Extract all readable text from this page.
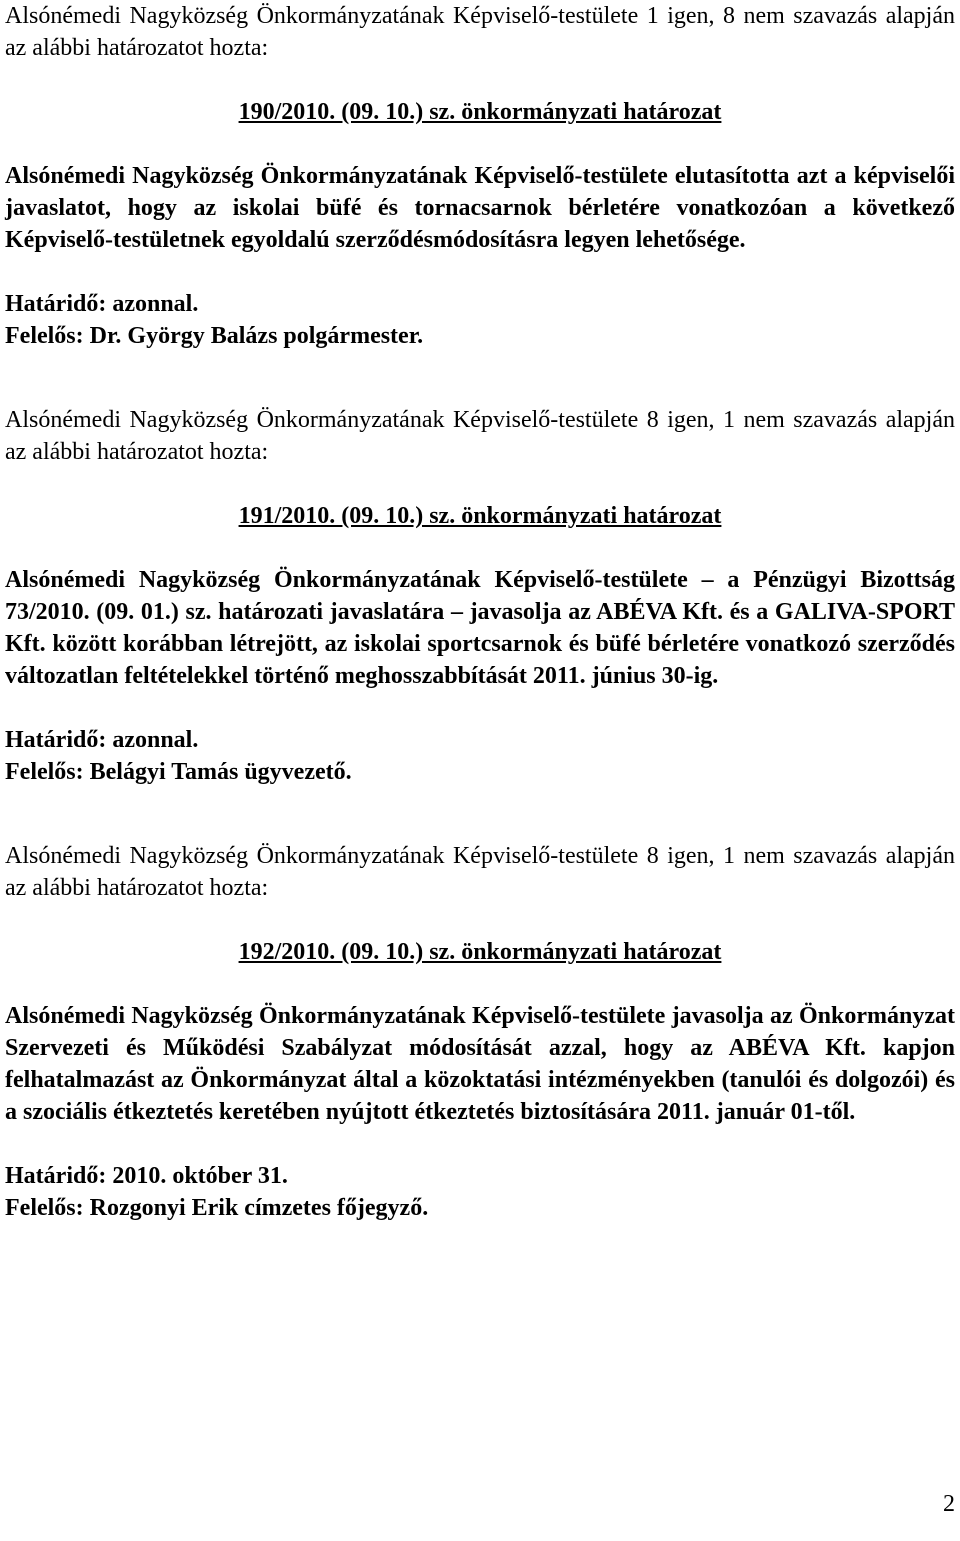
Alsónémedi Nagyközség Önkormányzatának Képviselő-testülete 1 igen, 8 nem szavazás alapján az alábbi határozatot hozta:

190/2010. (09. 10.) sz. önkormányzati határozat

Alsónémedi Nagyközség Önkormányzatának Képviselő-testülete elutasította azt a képviselői javaslatot, hogy az iskolai büfé és tornacsarnok bérletére vonatkozóan a következő Képviselő-testületnek egyoldalú szerződésmódosításra legyen lehetősége.

Határidő: azonnal.

Felelős: Dr. György Balázs polgármester.

Alsónémedi Nagyközség Önkormányzatának Képviselő-testülete 8 igen, 1 nem szavazás alapján az alábbi határozatot hozta:

191/2010. (09. 10.) sz. önkormányzati határozat

Alsónémedi Nagyközség Önkormányzatának Képviselő-testülete – a Pénzügyi Bizottság 73/2010. (09. 01.) sz. határozati javaslatára – javasolja az ABÉVA Kft. és a GALIVA-SPORT Kft. között korábban létrejött, az iskolai sportcsarnok és büfé bérletére vonatkozó szerződés változatlan feltételekkel történő meghosszabbítását 2011. június 30-ig.

Határidő: azonnal.

Felelős: Belágyi Tamás ügyvezető.

Alsónémedi Nagyközség Önkormányzatának Képviselő-testülete 8 igen, 1 nem szavazás alapján az alábbi határozatot hozta:

192/2010. (09. 10.) sz. önkormányzati határozat

Alsónémedi Nagyközség Önkormányzatának Képviselő-testülete javasolja az Önkormányzat Szervezeti és Működési Szabályzat módosítását azzal, hogy az ABÉVA Kft. kapjon felhatalmazást az Önkormányzat által a közoktatási intézményekben (tanulói és dolgozói) és a szociális étkeztetés keretében nyújtott étkeztetés biztosítására 2011. január 01-től.

Határidő: 2010. október 31.

Felelős: Rozgonyi Erik címzetes főjegyző.

2
